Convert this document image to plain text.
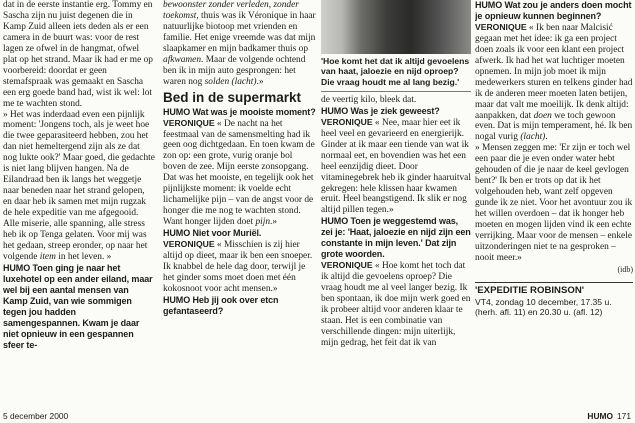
dat in de eerste instantie erg. Tommy en Sascha zijn nu juist degenen die in Kamp Zuid alleen iets deden als er een camera in de buurt was: voor de rest lagen ze ofwel in de hangmat, ofwel plat op het strand. Maar ik had er me op voorbereid: doordat er geen stemafspraak was gemaakt en Sascha een erg goede band had, wist ik wel: lot me te wachten stond.

» Het was inderdaad even een pijnlijk moment: 'Jongens toch, als je weet hoe die twee geparasiteerd hebben, zou het dan niet hemeltergend zijn als ze dat nog lukte ook?' Maar goed, die gedachte is niet lang blijven hangen. Na de Eilandraad ben ik langs het weggetje naar beneden naar het strand gelopen, en daar heb ik samen met mijn rugzak de hele expeditie van me afgegooid. Alle miserie, alle spanning, alle stress heb ik op Tenga gelaten. Voor mij was het gedaan, streep eronder, op naar het volgende item in het leven. »

HUMO Toen ging je naar het luxehotel op een ander eiland, maar wel bij een aantal mensen van Kamp Zuid, van wie sommigen tegen jou hadden samengespannen. Kwam je daar niet opnieuw in een gespannen sfeer te-

bewoonster zonder verleden, zonder toekomst, thuis was ik Véronique in haar natuurlijke biotoop met vrienden en familie. Het enige vreemde was dat mijn slaapkamer en mijn badkamer thuis op afkwamen. Maar de volgende ochtend ben ik in mijn auto gesprongen: het waren nog solden (lacht).»

Bed in de supermarkt

HUMO Wat was je mooiste moment?

VERONIQUE « De nacht na het feestmaal van de samensmelting had ik geen oog dichtgedaan. En toen kwam de zon op: een grote, vurig oranje bol boven de zee. Mijn eerste zonsopgang. Dat was het mooiste, en tegelijk ook het pijnlijkste moment: ik voelde echt lichamelijke pijn – van de angst voor de honger die me nog te wachten stond. Want honger lijden doet pijn.»

HUMO Niet voor Muriël.

VERONIQUE « Misschien is zij hier altijd op dieet, maar ik ben een snoeper. Ik knabbel de hele dag door, terwijl je het ginder soms moet doen met één kokosnoot voor acht mensen.»

HUMO Heb jij ook over etcn gefantaseerd?

'Hoe komt het dat ik altijd gevoelens van haat, jaloezie en nijd oproep? Die vraag houdt me al lang bezig.'

de veertig kilo, bleek dat.

HUMO Was je ziek geweest?

VERONIQUE « Nee, maar hier eet ik heel veel en gevarieerd en energierijk. Ginder at ik maar een tiende van wat ik normaal eet, en bovendien was het een heel eenzijdig dieet. Door vitaminegebrek heb ik ginder haaruitval gekregen: hele klissen haar kwamen eruit. Heel beangstigend. Ik slik er nog altijd pillen tegen.»

HUMO Toen je weggestemd was, zei je: 'Haat, jaloezie en nijd zijn een constante in mijn leven.' Dat zijn grote woorden.

VERONIQUE « Hoe komt het toch dat ik altijd die gevoelens oproep? Die vraag houdt me al veel langer bezig. Ik ben spontaan, ik doe mijn werk goed en ik probeer altijd voor anderen klaar te staan. Het is een combinatie van verschillende dingen: mijn uiterlijk, mijn gedrag, het feit dat ik van

HUMO Wat zou je anders doen mocht je opnieuw kunnen beginnen?

VERONIQUE « Ik ben naar Malcisić gegaan met het idee: ik ga een project doen zoals ik voor een klant een project afwerk. Ik had het wat luchtiger moeten opnemen. In mijn job moet ik mijn medewerkers sturen en telkens ginder had ik de anderen meer moeten laten betijen, maar dat valt me moeilijk. Ik denk altijd: aanpakken, dat doen we toch gewoon even. Dat is mijn temperament, hé. Ik ben nogal vurig (lacht).

» Mensen zeggen me: 'Er zijn er toch wel een paar die je even onder water hebt gehouden of die je naar de keel gevlogen bent?' Ik ben er trots op dat ik het volgehouden heb, want zelf opgeven gunde ik ze niet. Voor het avontuur zou ik het willen overdoen – dat ik honger heb moeten en mogen lijden vind ik een echte verrijking. Maar voor de mensen – enkele uitzonderingen niet te na gesproken – nooit meer.»

(idb)

'EXPEDITIE ROBINSON'

VT4, zondag 10 december, 17.35 u. (herh. afl. 11) en 20.30 u. (afl. 12)

5 december 2000	HUMO 171
